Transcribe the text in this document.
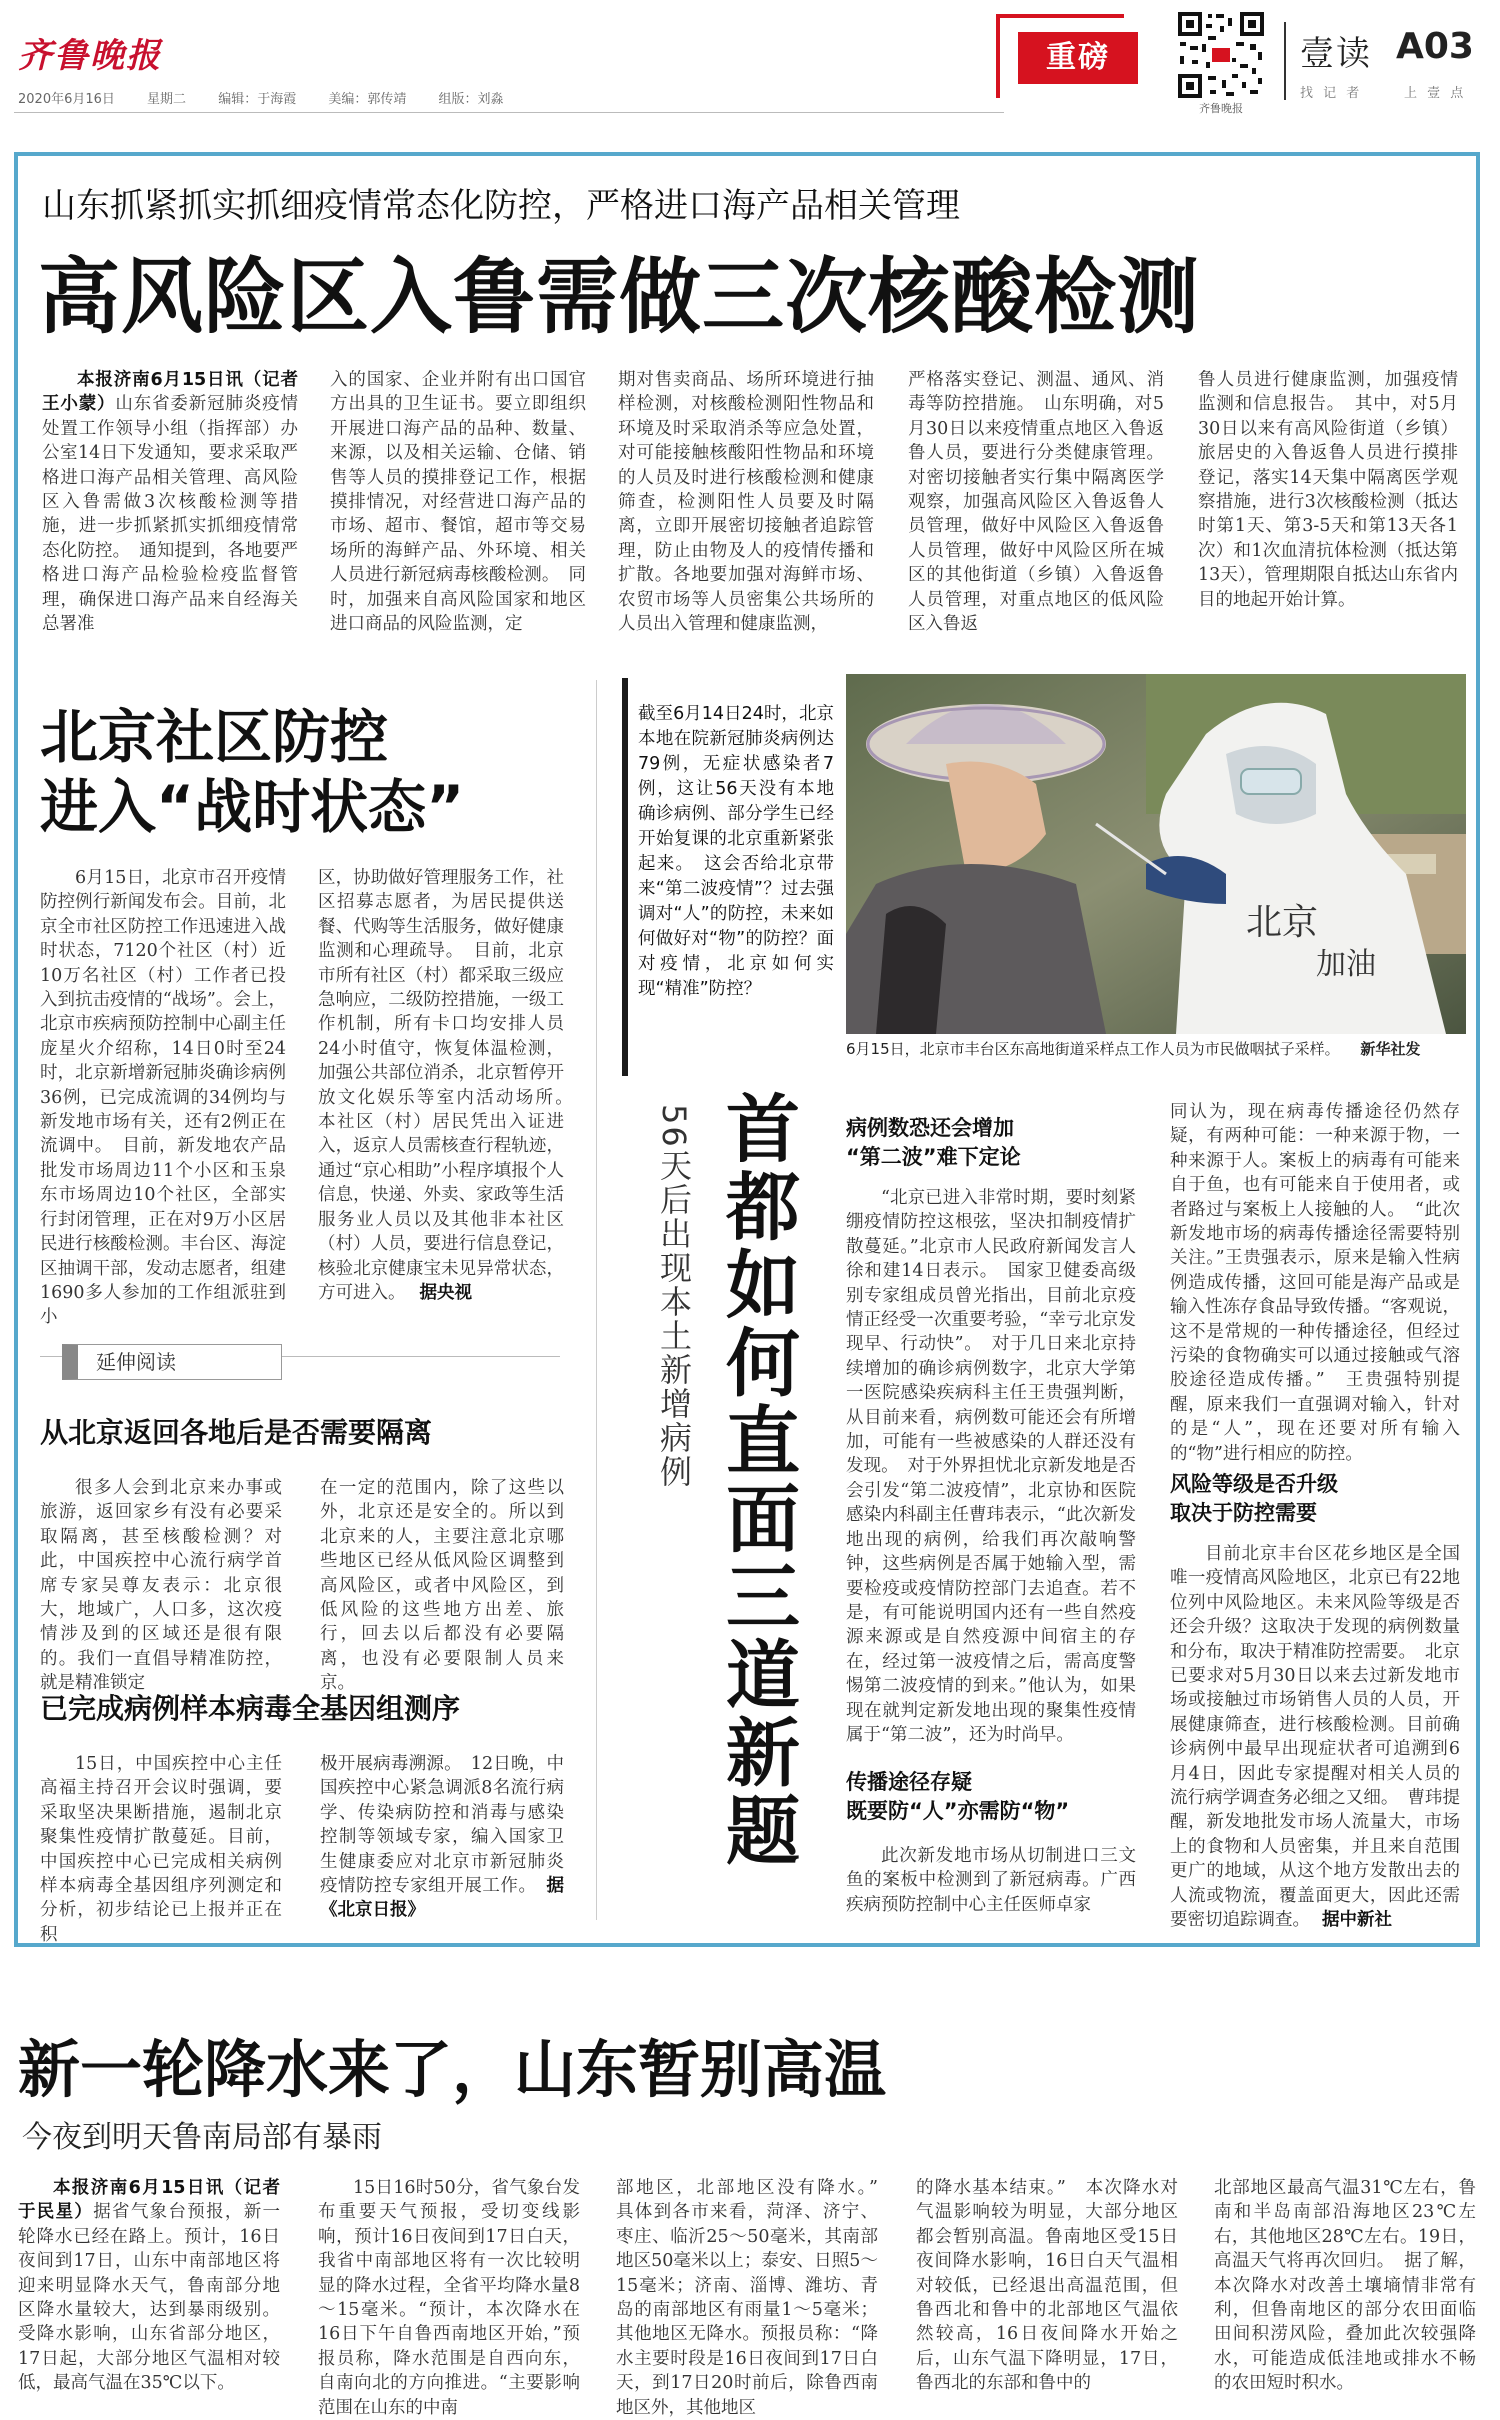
齐鲁晚报
2020年6月16日 星期二 编辑：于海霞 美编：郭传靖 组版：刘淼
重磅
齐鲁晚报
壹读 A03
找 记 者	上 壹 点
山东抓紧抓实抓细疫情常态化防控，严格进口海产品相关管理
高风险区入鲁需做三次核酸检测

本报济南6月15日讯（记者 王小蒙）山东省委新冠肺炎疫情处置工作领导小组（指挥部）办公室14日下发通知，要求采取严格进口海产品相关管理、高风险区入鲁需做3次核酸检测等措施，进一步抓紧抓实抓细疫情常态化防控。　通知提到，各地要严格进口海产品检验检疫监督管理，确保进口海产品来自经海关总署准

入的国家、企业并附有出口国官方出具的卫生证书。要立即组织开展进口海产品的品种、数量、来源，以及相关运输、仓储、销售等人员的摸排登记工作，根据摸排情况，对经营进口海产品的市场、超市、餐馆，超市等交易场所的海鲜产品、外环境、相关人员进行新冠病毒核酸检测。　同时，加强来自高风险国家和地区进口商品的风险监测，定

期对售卖商品、场所环境进行抽样检测，对核酸检测阳性物品和环境及时采取消杀等应急处置，对可能接触核酸阳性物品和环境的人员及时进行核酸检测和健康筛查，检测阳性人员要及时隔离，立即开展密切接触者追踪管理，防止由物及人的疫情传播和扩散。各地要加强对海鲜市场、农贸市场等人员密集公共场所的人员出入管理和健康监测，

严格落实登记、测温、通风、消毒等防控措施。　山东明确，对5月30日以来疫情重点地区入鲁返鲁人员，要进行分类健康管理。对密切接触者实行集中隔离医学观察，加强高风险区入鲁返鲁人员管理，做好中风险区入鲁返鲁人员管理，做好中风险区所在城区的其他街道（乡镇）入鲁返鲁人员管理，对重点地区的低风险区入鲁返

鲁人员进行健康监测，加强疫情监测和信息报告。　其中，对5月30日以来有高风险街道（乡镇）旅居史的入鲁返鲁人员进行摸排登记，落实14天集中隔离医学观察措施，进行3次核酸检测（抵达时第1天、第3-5天和第13天各1次）和1次血清抗体检测（抵达第13天），管理期限自抵达山东省内目的地起开始计算。

北京社区防控
进入“战时状态”

6月15日，北京市召开疫情防控例行新闻发布会。目前，北京全市社区防控工作迅速进入战时状态，7120个社区（村）近10万名社区（村）工作者已投入到抗击疫情的“战场”。会上，北京市疾病预防控制中心副主任庞星火介绍称，14日0时至24时，北京新增新冠肺炎确诊病例36例，已完成流调的34例均与新发地市场有关，还有2例正在流调中。　目前，新发地农产品批发市场周边11个小区和玉泉东市场周边10个社区，全部实行封闭管理，正在对9万小区居民进行核酸检测。丰台区、海淀区抽调干部，发动志愿者，组建1690多人参加的工作组派驻到小

区，协助做好管理服务工作，社区招募志愿者，为居民提供送餐、代购等生活服务，做好健康监测和心理疏导。　目前，北京市所有社区（村）都采取三级应急响应，二级防控措施，一级工作机制，所有卡口均安排人员24小时值守，恢复体温检测，加强公共部位消杀，北京暂停开放文化娱乐等室内活动场所。　本社区（村）居民凭出入证进入，返京人员需核查行程轨迹，通过“京心相助”小程序填报个人信息，快递、外卖、家政等生活服务业人员以及其他非本社区（村）人员，要进行信息登记，核验北京健康宝未见异常状态，方可进入。 据央视

延伸阅读
从北京返回各地后是否需要隔离

很多人会到北京来办事或旅游，返回家乡有没有必要采取隔离，甚至核酸检测？对此，中国疾控中心流行病学首席专家吴尊友表示：北京很大，地域广，人口多，这次疫情涉及到的区域还是很有限的。我们一直倡导精准防控，就是精准锁定

在一定的范围内，除了这些以外，北京还是安全的。所以到北京来的人，主要注意北京哪些地区已经从低风险区调整到高风险区，或者中风险区，到低风险的这些地方出差、旅行，回去以后都没有必要隔离，也没有必要限制人员来京。

已完成病例样本病毒全基因组测序

15日，中国疾控中心主任高福主持召开会议时强调，要采取坚决果断措施，遏制北京聚集性疫情扩散蔓延。目前，中国疾控中心已完成相关病例样本病毒全基因组序列测定和分析，初步结论已上报并正在积

极开展病毒溯源。　12日晚，中国疾控中心紧急调派8名流行病学、传染病防控和消毒与感染控制等领域专家，编入国家卫生健康委应对北京市新冠肺炎疫情防控专家组开展工作。 据《北京日报》

截至6月14日24时，北京本地在院新冠肺炎病例达79例，无症状感染者7例，这让56天没有本地确诊病例、部分学生已经开始复课的北京重新紧张起来。　这会否给北京带来“第二波疫情”？过去强调对“人”的防控，未来如何做好对“物”的防控？面对疫情，北京如何实现“精准”防控？

北京
加油
6月15日，北京市丰台区东高地街道采样点工作人员为市民做咽拭子采样。 新华社发
首都如何直面三道新题
56天后出现本土新增病例	病例数恐还会增加
“第二波”难下定论

“北京已进入非常时期，要时刻紧绷疫情防控这根弦，坚决扣制疫情扩散蔓延。”北京市人民政府新闻发言人徐和建14日表示。　国家卫健委高级别专家组成员曾光指出，目前北京疫情正经受一次重要考验，“幸亏北京发现早、行动快”。　对于几日来北京持续增加的确诊病例数字，北京大学第一医院感染疾病科主任王贵强判断，从目前来看，病例数可能还会有所增加，可能有一些被感染的人群还没有发现。　对于外界担忧北京新发地是否会引发“第二波疫情”，北京协和医院感染内科副主任曹玮表示，“此次新发地出现的病例，给我们再次敲响警钟，这些病例是否属于她输入型，需要检疫或疫情防控部门去追查。若不是，有可能说明国内还有一些自然疫源来源或是自然疫源中间宿主的存在，经过第一波疫情之后，需高度警惕第二波疫情的到来。”他认为，如果现在就判定新发地出现的聚集性疫情属于“第二波”，还为时尚早。

传播途径存疑
既要防“人”亦需防“物”

此次新发地市场从切制进口三文鱼的案板中检测到了新冠病毒。广西疾病预防控制中心主任医师卓家

同认为，现在病毒传播途径仍然存疑，有两种可能：一种来源于物，一种来源于人。案板上的病毒有可能来自于鱼，也有可能来自于使用者，或者路过与案板上人接触的人。　“此次新发地市场的病毒传播途径需要特别关注。”王贵强表示，原来是输入性病例造成传播，这回可能是海产品或是输入性冻存食品导致传播。“客观说，这不是常规的一种传播途径，但经过污染的食物确实可以通过接触或气溶胶途径造成传播。”　王贵强特别提醒，原来我们一直强调对输入，针对的是“人”，现在还要对所有输入的“物”进行相应的防控。

风险等级是否升级
取决于防控需要

目前北京丰台区花乡地区是全国唯一疫情高风险地区，北京已有22地位列中风险地区。未来风险等级是否还会升级？这取决于发现的病例数量和分布，取决于精准防控需要。　北京已要求对5月30日以来去过新发地市场或接触过市场销售人员的人员，开展健康筛查，进行核酸检测。目前确诊病例中最早出现症状者可追溯到6月4日，因此专家提醒对相关人员的流行病学调查务必细之又细。　曹玮提醒，新发地批发市场人流量大，市场上的食物和人员密集，并且来自范围更广的地域，从这个地方发散出去的人流或物流，覆盖面更大，因此还需要密切追踪调查。 据中新社

新一轮降水来了，山东暂别高温
今夜到明天鲁南局部有暴雨

本报济南6月15日讯（记者 于民星）据省气象台预报，新一轮降水已经在路上。预计，16日夜间到17日，山东中南部地区将迎来明显降水天气，鲁南部分地区降水量较大，达到暴雨级别。受降水影响，山东省部分地区，17日起，大部分地区气温相对较低，最高气温在35℃以下。

15日16时50分，省气象台发布重要天气预报，受切变线影响，预计16日夜间到17日白天，我省中南部地区将有一次比较明显的降水过程，全省平均降水量8～15毫米。“预计，本次降水在16日下午自鲁西南地区开始，”预报员称，降水范围是自西向东，自南向北的方向推进。“主要影响范围在山东的中南

部地区，北部地区没有降水。”　具体到各市来看，菏泽、济宁、枣庄、临沂25～50毫米，其南部地区50毫米以上；泰安、日照5～15毫米；济南、淄博、潍坊、青岛的南部地区有雨量1～5毫米；其他地区无降水。预报员称：“降水主要时段是16日夜间到17日白天，到17日20时前后，除鲁西南地区外，其他地区

的降水基本结束。”　本次降水对气温影响较为明显，大部分地区都会暂别高温。鲁南地区受15日夜间降水影响，16日白天气温相对较低，已经退出高温范围，但鲁西北和鲁中的北部地区气温依然较高，16日夜间降水开始之后，山东气温下降明显，17日，鲁西北的东部和鲁中的

北部地区最高气温31℃左右，鲁南和半岛南部沿海地区23℃左右，其他地区28℃左右。19日，高温天气将再次回归。　据了解，本次降水对改善土壤墒情非常有利，但鲁南地区的部分农田面临田间积涝风险，叠加此次较强降水，可能造成低洼地或排水不畅的农田短时积水。
